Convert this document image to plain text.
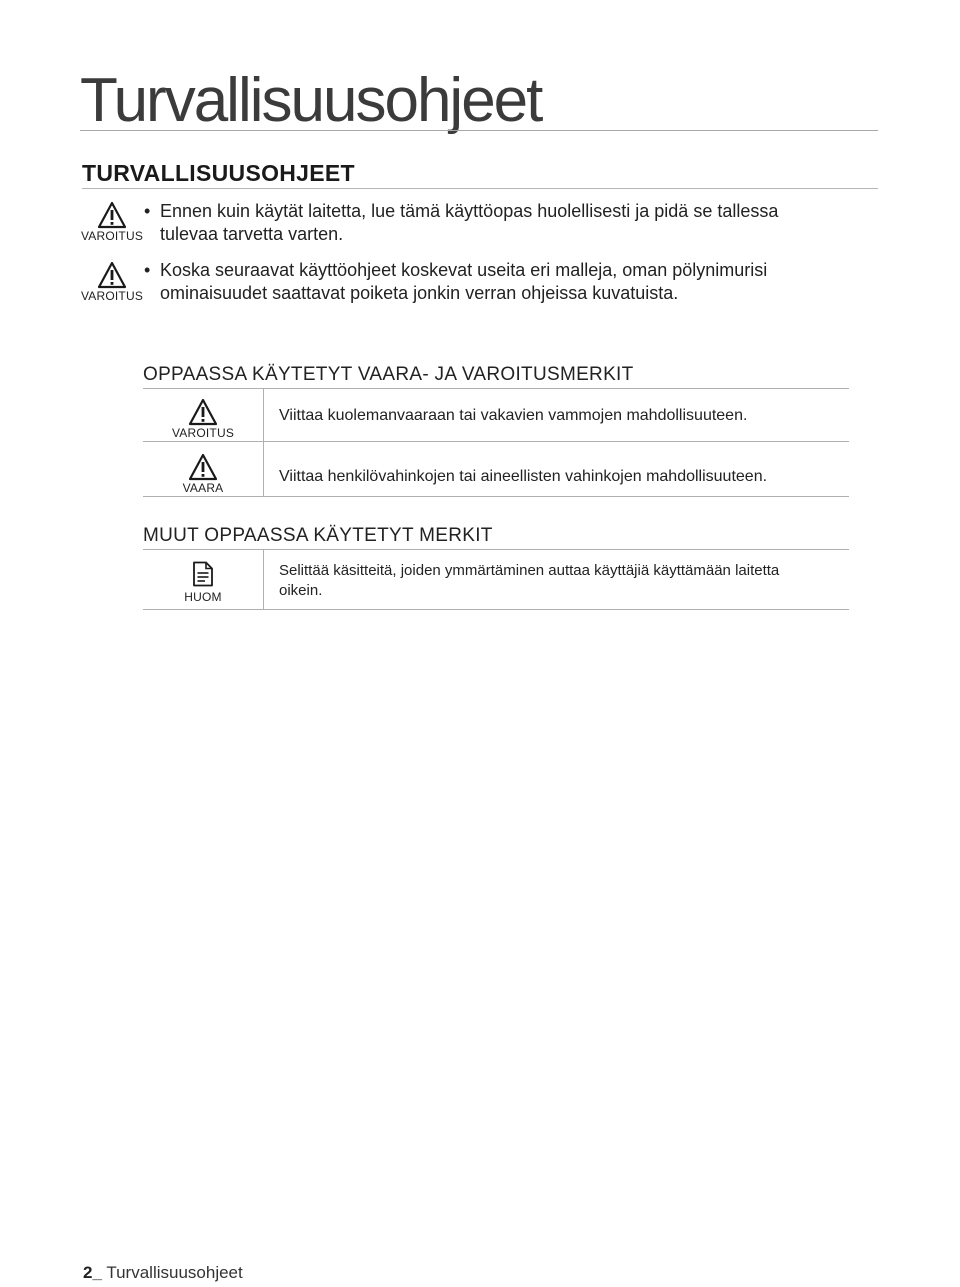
Turvallisuusohjeet
TURVALLISUUSOHJEET
VAROITUS
• Ennen kuin käytät laitetta, lue tämä käyttöopas huolellisesti ja pidä se tallessa
tulevaa tarvetta varten.
VAROITUS
• Koska seuraavat käyttöohjeet koskevat useita eri malleja, oman pölynimurisi
ominaisuudet saattavat poiketa jonkin verran ohjeissa kuvatuista.
OPPAASSA KÄYTETYT VAARA- JA VAROITUSMERKIT
VAROITUS
Viittaa kuolemanvaaraan tai vakavien vammojen mahdollisuuteen.
VAARA
Viittaa henkilövahinkojen tai aineellisten vahinkojen mahdollisuuteen.
MUUT OPPAASSA KÄYTETYT MERKIT
HUOM
Selittää käsitteitä, joiden ymmärtäminen auttaa käyttäjiä käyttämään laitetta
oikein.
2_ Turvallisuusohjeet
